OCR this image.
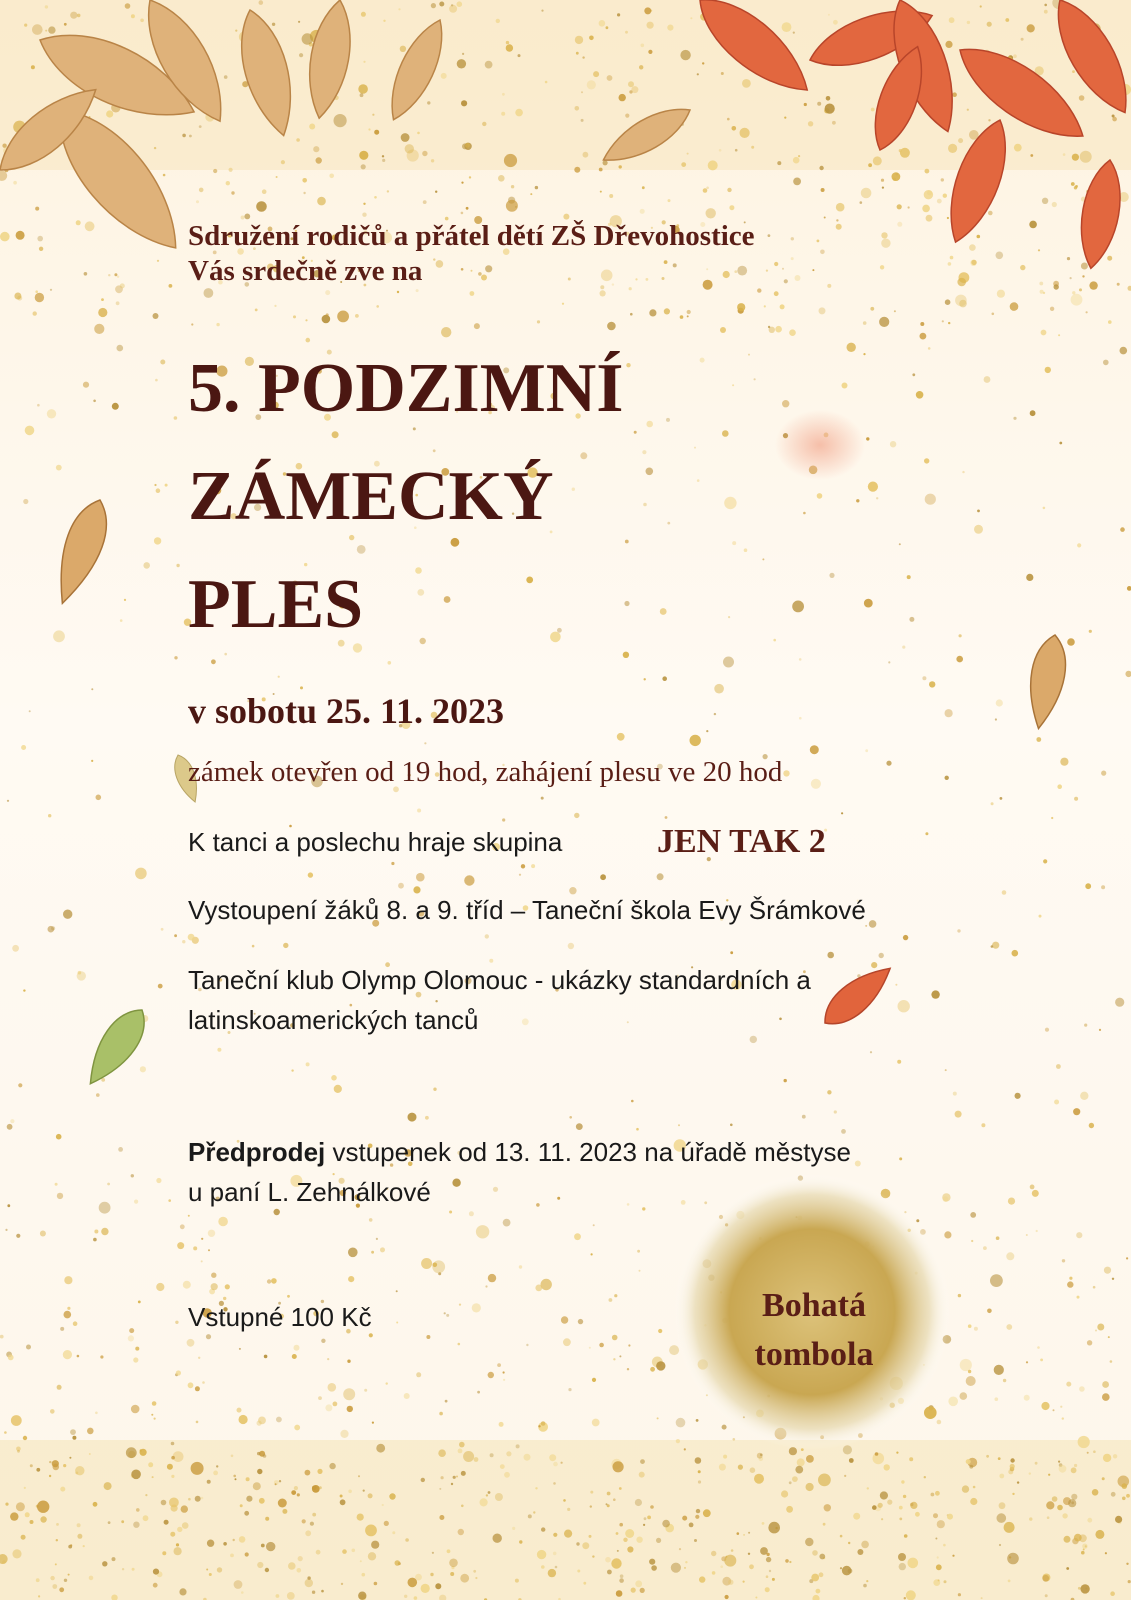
Sdružení rodičů a přátel dětí ZŠ Dřevohostice
Vás srdečně zve na

5. PODZIMNÍ
ZÁMECKÝ
PLES
v sobotu 25. 11. 2023
zámek otevřen od 19 hod, zahájení plesu ve 20 hod
K tanci a poslechu hraje skupina	JEN TAK 2
Vystoupení žáků 8. a 9. tříd – Taneční škola Evy Šrámkové
Taneční klub Olymp Olomouc - ukázky standardních a
latinskoamerických tanců
Předprodej vstupenek od 13. 11. 2023 na úřadě městyse
u paní L. Zehnálkové
Vstupné 100 Kč	Bohatá
tombola
